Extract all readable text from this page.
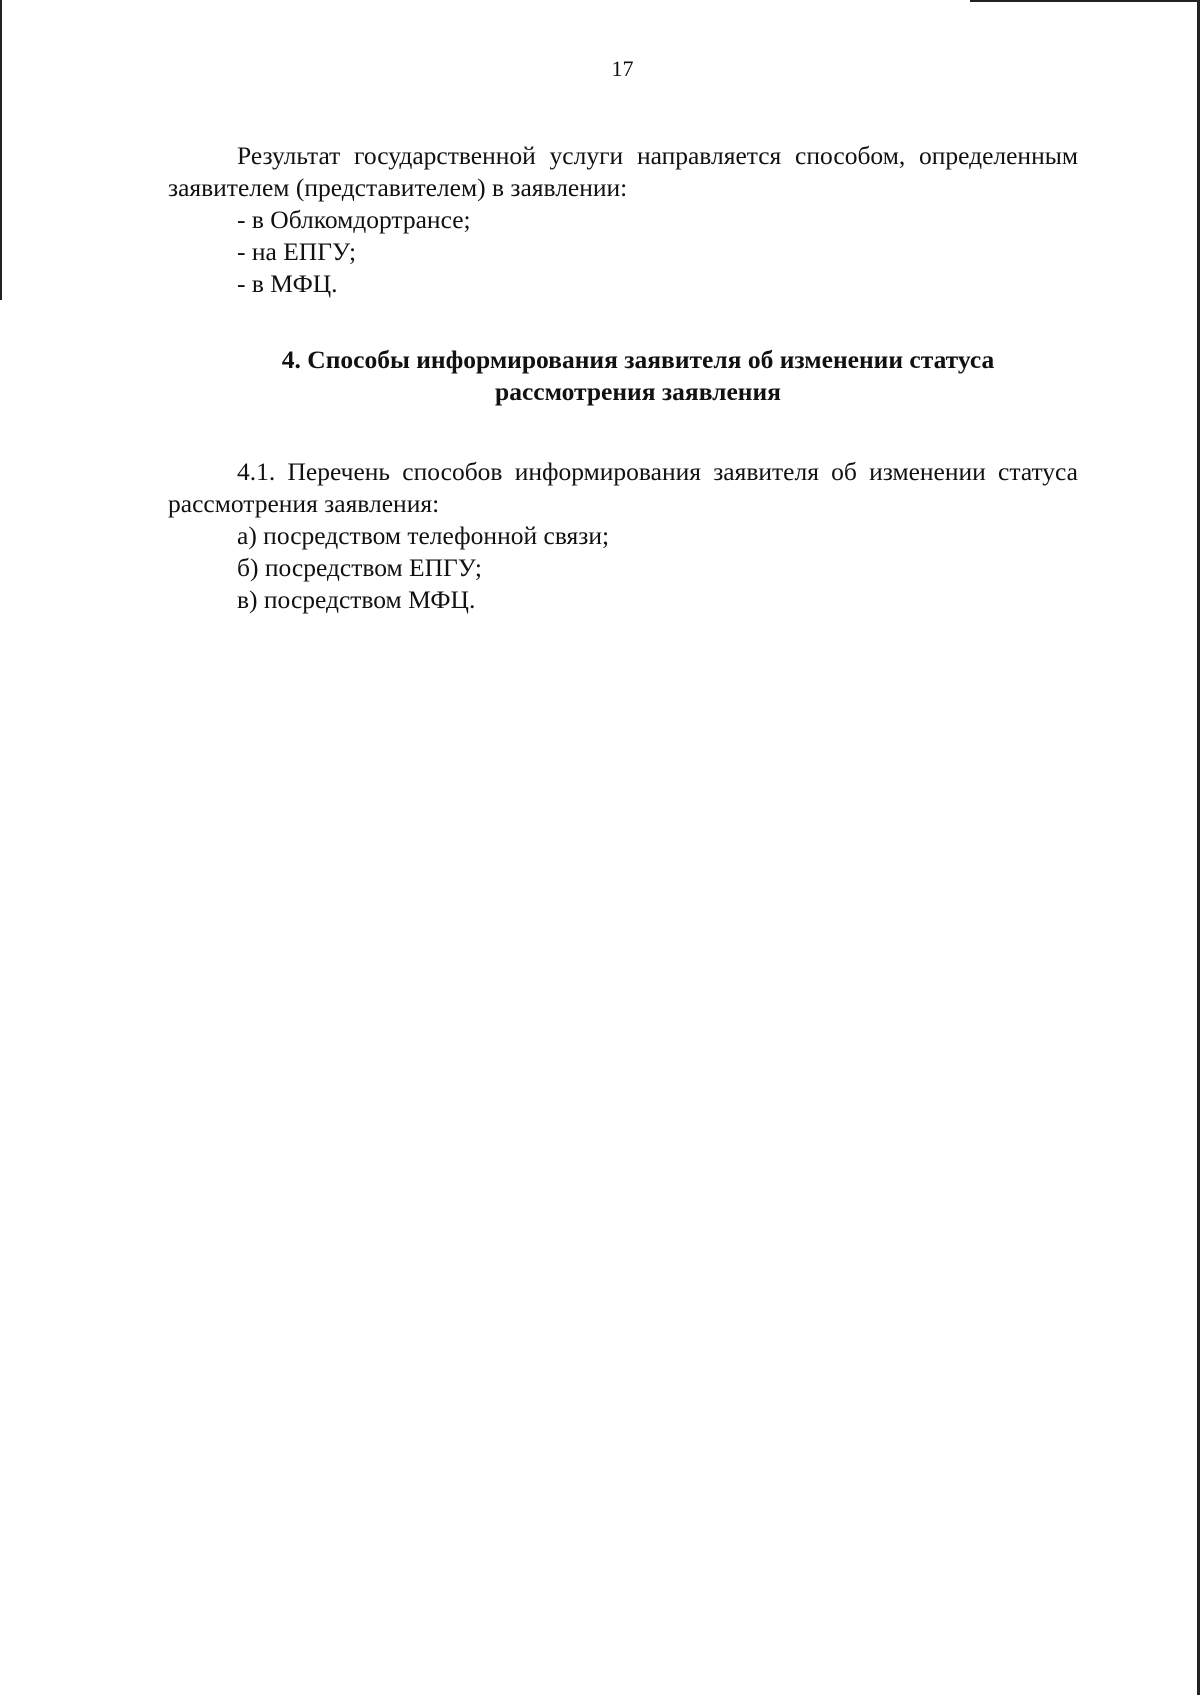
17

Результат государственной услуги направляется способом, определенным заявителем (представителем) в заявлении:

- в Облкомдортрансе;

- на ЕПГУ;

- в МФЦ.

4. Способы информирования заявителя об изменении статуса
рассмотрения заявления

4.1. Перечень способов информирования заявителя об изменении статуса рассмотрения заявления:

а) посредством телефонной связи;

б) посредством ЕПГУ;

в) посредством МФЦ.
